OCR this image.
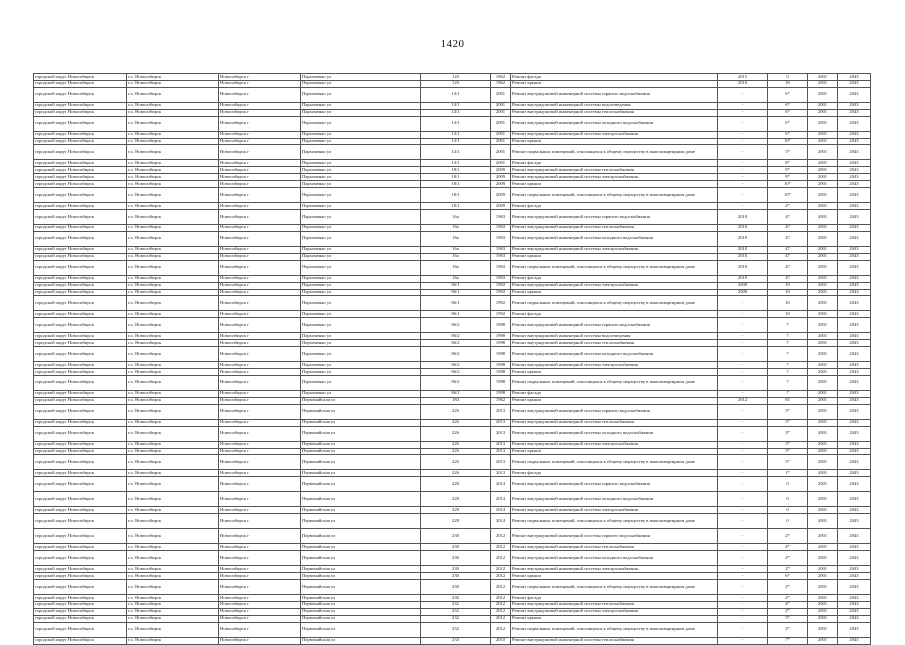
1420
городской округ Новосибирск	г.о. Новосибирск	Новосибирск г	Пархоменко ул	12б	1962	Ремонт фасада	2015	0	2001	2043
городской округ Новосибирск	г.о. Новосибирск	Новосибирск г	Пархоменко ул	12б	1962	Ремонт крыши	2010	16	2001	2043
городской округ Новосибирск	г.о. Новосибирск	Новосибирск г	Пархоменко ул	14/1	2001	Ремонт внутридомовой инженерной системы горячего водоснабжения	-	6*	2001	2043
городской округ Новосибирск	г.о. Новосибирск	Новосибирск г	Пархоменко ул	14/1	2001	Ремонт внутридомовой инженерной системы водоотведения	-	6*	2001	2043
городской округ Новосибирск	г.о. Новосибирск	Новосибирск г	Пархоменко ул	14/1	2001	Ремонт внутридомовой инженерной системы теплоснабжения	-	6*	2001	2043
городской округ Новосибирск	г.о. Новосибирск	Новосибирск г	Пархоменко ул	14/1	2001	Ремонт внутридомовой инженерной системы холодного водоснабжения	-	6*	2001	2043
городской округ Новосибирск	г.о. Новосибирск	Новосибирск г	Пархоменко ул	14/1	2001	Ремонт внутридомовой инженерной системы электроснабжения	-	6*	2001	2043
городской округ Новосибирск	г.о. Новосибирск	Новосибирск г	Пархоменко ул	14/1	2001	Ремонт крыши	-	10*	2001	2043
городской округ Новосибирск	г.о. Новосибирск	Новосибирск г	Пархоменко ул	14/1	2001	Ремонт подвальных помещений, относящихся к общему имуществу в многоквартирном доме	-	5*	2001	2043
городской округ Новосибирск	г.о. Новосибирск	Новосибирск г	Пархоменко ул	14/1	2001	Ремонт фасада	-	8*	2001	2043
городской округ Новосибирск	г.о. Новосибирск	Новосибирск г	Пархоменко ул	18/1	2009	Ремонт внутридомовой инженерной системы теплоснабжения	-	9*	2001	2043
городской округ Новосибирск	г.о. Новосибирск	Новосибирск г	Пархоменко ул	18/1	2009	Ремонт внутридомовой инженерной системы электроснабжения	-	9*	2001	2043
городской округ Новосибирск	г.о. Новосибирск	Новосибирск г	Пархоменко ул	18/1	2009	Ремонт крыши	-	10*	2001	2043
городской округ Новосибирск	г.о. Новосибирск	Новосибирск г	Пархоменко ул	18/1	2009	Ремонт подвальных помещений, относящихся к общему имуществу в многоквартирном доме	-	10*	2001	2043
городской округ Новосибирск	г.о. Новосибирск	Новосибирск г	Пархоменко ул	18/1	2009	Ремонт фасада	-	2*	2001	2043
городской округ Новосибирск	г.о. Новосибирск	Новосибирск г	Пархоменко ул	16а	1963	Ремонт внутридомовой инженерной системы горячего водоснабжения	2010	47	2001	2043
городской округ Новосибирск	г.о. Новосибирск	Новосибирск г	Пархоменко ул	16а	1963	Ремонт внутридомовой инженерной системы теплоснабжения	2010	47	2001	2043
городской округ Новосибирск	г.о. Новосибирск	Новосибирск г	Пархоменко ул	16а	1963	Ремонт внутридомовой инженерной системы холодного водоснабжения	2010	47	2001	2043
городской округ Новосибирск	г.о. Новосибирск	Новосибирск г	Пархоменко ул	16а	1963	Ремонт внутридомовой инженерной системы электроснабжения	2010	47	2001	2043
городской округ Новосибирск	г.о. Новосибирск	Новосибирск г	Пархоменко ул	16а	1963	Ремонт крыши	2010	47	2001	2043
городской округ Новосибирск	г.о. Новосибирск	Новосибирск г	Пархоменко ул	16а	1963	Ремонт подвальных помещений, относящихся к общему имуществу в многоквартирном доме	2010	47	2001	2043
городской округ Новосибирск	г.о. Новосибирск	Новосибирск г	Пархоменко ул	16а	1963	Ремонт фасада	2010	47	2001	2043
городской округ Новосибирск	г.о. Новосибирск	Новосибирск г	Пархоменко ул	86/1	1992	Ремонт внутридомовой инженерной системы электроснабжения	2008	10	2001	2043
городской округ Новосибирск	г.о. Новосибирск	Новосибирск г	Пархоменко ул	86/1	1992	Ремонт крыши	2008	10	2001	2043
городской округ Новосибирск	г.о. Новосибирск	Новосибирск г	Пархоменко ул	86/1	1992	Ремонт подвальных помещений, относящихся к общему имуществу в многоквартирном доме	-	10	2001	2043
городской округ Новосибирск	г.о. Новосибирск	Новосибирск г	Пархоменко ул	86/1	1992	Ремонт фасада	-	10	2001	2043
городской округ Новосибирск	г.о. Новосибирск	Новосибирск г	Пархоменко ул	86/2	1998	Ремонт внутридомовой инженерной системы горячего водоснабжения	-	7	2001	2043
городской округ Новосибирск	г.о. Новосибирск	Новосибирск г	Пархоменко ул	86/2	1998	Ремонт внутридомовой инженерной системы водоотведения	-	7	2001	2043
городской округ Новосибирск	г.о. Новосибирск	Новосибирск г	Пархоменко ул	86/2	1998	Ремонт внутридомовой инженерной системы теплоснабжения	-	7	2001	2043
городской округ Новосибирск	г.о. Новосибирск	Новосибирск г	Пархоменко ул	86/2	1998	Ремонт внутридомовой инженерной системы холодного водоснабжения	-	7	2001	2043
городской округ Новосибирск	г.о. Новосибирск	Новосибирск г	Пархоменко ул	86/2	1998	Ремонт внутридомовой инженерной системы электроснабжения	-	7	2001	2043
городской округ Новосибирск	г.о. Новосибирск	Новосибирск г	Пархоменко ул	86/2	1998	Ремонт крыши	-	7	2001	2043
городской округ Новосибирск	г.о. Новосибирск	Новосибирск г	Пархоменко ул	86/2	1998	Ремонт подвальных помещений, относящихся к общему имуществу в многоквартирном доме	-	7	2001	2043
городской округ Новосибирск	г.о. Новосибирск	Новосибирск г	Пархоменко ул	86/2	1998	Ремонт фасада	-	7	2001	2043
городской округ Новосибирск	г.о. Новосибирск	Новосибирск г	Первомайская ул	184	1962	Ремонт крыши	2012	65	2001	2043
городской округ Новосибирск	г.о. Новосибирск	Новосибирск г	Первомайская ул	226	2013	Ремонт внутридомовой инженерной системы горячего водоснабжения	-	3*	2001	2043
городской округ Новосибирск	г.о. Новосибирск	Новосибирск г	Первомайская ул	226	2013	Ремонт внутридомовой инженерной системы теплоснабжения	-	3*	2001	2043
городской округ Новосибирск	г.о. Новосибирск	Новосибирск г	Первомайская ул	226	2013	Ремонт внутридомовой инженерной системы холодного водоснабжения	-	3*	2001	2043
городской округ Новосибирск	г.о. Новосибирск	Новосибирск г	Первомайская ул	226	2013	Ремонт внутридомовой инженерной системы электроснабжения	-	3*	2001	2043
городской округ Новосибирск	г.о. Новосибирск	Новосибирск г	Первомайская ул	226	2013	Ремонт крыши	-	3*	2001	2043
городской округ Новосибирск	г.о. Новосибирск	Новосибирск г	Первомайская ул	226	2013	Ремонт подвальных помещений, относящихся к общему имуществу в многоквартирном доме	-	3*	2001	2043
городской округ Новосибирск	г.о. Новосибирск	Новосибирск г	Первомайская ул	226	2013	Ремонт фасада	-	1*	2001	2043
городской округ Новосибирск	г.о. Новосибирск	Новосибирск г	Первомайская ул	228	2014	Ремонт внутридомовой инженерной системы горячего водоснабжения	-	0	2001	2043
городской округ Новосибирск	г.о. Новосибирск	Новосибирск г	Первомайская ул	228	2014	Ремонт внутридомовой инженерной системы холодного водоснабжения	-	0	2001	2043
городской округ Новосибирск	г.о. Новосибирск	Новосибирск г	Первомайская ул	228	2014	Ремонт внутридомовой инженерной системы электроснабжения	-	0	2001	2043
городской округ Новосибирск	г.о. Новосибирск	Новосибирск г	Первомайская ул	228	2014	Ремонт подвальных помещений, относящихся к общему имуществу в многоквартирном доме	-	0	2001	2043
городской округ Новосибирск	г.о. Новосибирск	Новосибирск г	Первомайская ул	230	2012	Ремонт внутридомовой инженерной системы горячего водоснабжения	-	2*	2001	2043
городской округ Новосибирск	г.о. Новосибирск	Новосибирск г	Первомайская ул	230	2012	Ремонт внутридомовой инженерной системы теплоснабжения	-	4*	2001	2043
городской округ Новосибирск	г.о. Новосибирск	Новосибирск г	Первомайская ул	230	2012	Ремонт внутридомовой инженерной системы холодного водоснабжения	-	2*	2001	2043
городской округ Новосибирск	г.о. Новосибирск	Новосибирск г	Первомайская ул	230	2012	Ремонт внутридомовой инженерной системы электроснабжения	-	2*	2001	2043
городской округ Новосибирск	г.о. Новосибирск	Новосибирск г	Первомайская ул	230	2012	Ремонт крыши	-	6*	2001	2043
городской округ Новосибирск	г.о. Новосибирск	Новосибирск г	Первомайская ул	230	2012	Ремонт подвальных помещений, относящихся к общему имуществу в многоквартирном доме	-	2*	2001	2043
городской округ Новосибирск	г.о. Новосибирск	Новосибирск г	Первомайская ул	230	2012	Ремонт фасада	-	2*	2001	2043
городской округ Новосибирск	г.о. Новосибирск	Новосибирск г	Первомайская ул	232	2012	Ремонт внутридомовой инженерной системы теплоснабжения	-	4*	2001	2043
городской округ Новосибирск	г.о. Новосибирск	Новосибирск г	Первомайская ул	232	2012	Ремонт внутридомовой инженерной системы электроснабжения	-	2*	2001	2043
городской округ Новосибирск	г.о. Новосибирск	Новосибирск г	Первомайская ул	232	2012	Ремонт крыши	-	5*	2001	2043
городской округ Новосибирск	г.о. Новосибирск	Новосибирск г	Первомайская ул	232	2012	Ремонт подвальных помещений, относящихся к общему имуществу в многоквартирном доме	-	2*	2001	2043
городской округ Новосибирск	г.о. Новосибирск	Новосибирск г	Первомайская ул	234	2010	Ремонт внутридомовой инженерной системы теплоснабжения	-	7*	2001	2043
